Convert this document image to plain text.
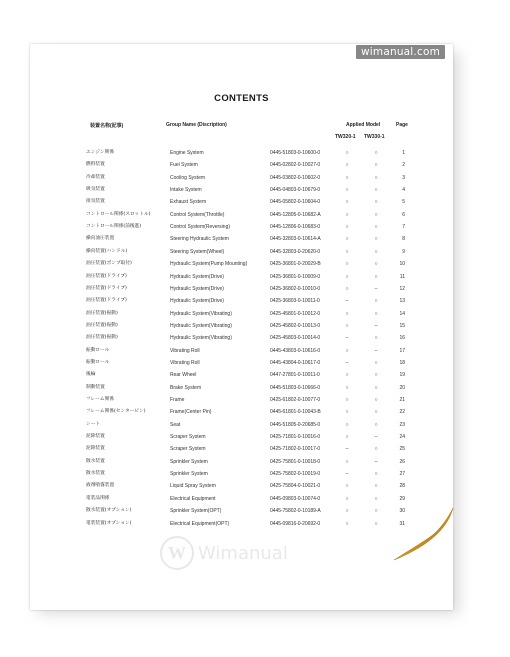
wimanual.com
CONTENTS
装置名称(記事)	Group Name (Discription)	Applied Model	Page
TW320-1 TW330-1
エンジン関係	Engine System	0445-51803-0-10600-0	○	○	1
燃料装置	Fuel System	0445-02802-0-10027-0	○	○	2
冷却装置	Cooling System	0445-03802-0-10602-0	○	○	3
吸気装置	Intake System	0445-04803-0-10679-0	○	○	4
排気装置	Exhaust System	0445-05802-0-10604-0	○	○	5
コントロール関係(スロットル)	Control System(Throttle)	0445-12805-0-10682-A	○	○	6
コントロール関係(前後進)	Control System(Reversing)	0445-12806-0-10683-0	○	○	7
操向油圧装置	Steering Hydraulic System	0445-32803-0-10614-A	○	○	8
操向装置(ハンドル)	Steering System(Wheel)	0445-32803-0-20620-0	○	○	9
油圧装置(ポンプ取付)	Hydraulic System(Pump Mounting)	0425-36801-0-20029-B	○	○	10
油圧装置(ドライブ)	Hydraulic System(Drive)	0425-36801-0-10009-0	○	○	11
油圧装置(ドライブ)	Hydraulic System(Drive)	0425-36802-0-10010-0	○	–	12
油圧装置(ドライブ)	Hydraulic System(Drive)	0425-36803-0-10011-0	–	○	13
油圧装置(振動)	Hydraulic System(Vibrating)	0425-45801-0-10012-0	○	○	14
油圧装置(振動)	Hydraulic System(Vibrating)	0425-45802-0-10013-0	○	–	15
油圧装置(振動)	Hydraulic System(Vibrating)	0425-45803-0-10014-0	–	○	16
振動ロール	Vibrating Roll	0445-43803-0-10616-0	○	–	17
振動ロール	Vibrating Roll	0445-43804-0-10617-0	–	○	18
後輪	Rear Wheel	0447-27801-0-10011-0	○	○	19
制動装置	Brake System	0445-51803-0-10666-0	○	○	20
フレーム関係	Frame	0425-61802-0-10077-0	○	○	21
フレーム関係(センターピン)	Frame(Center Pin)	0445-61801-0-10043-B	○	○	22
シート	Seat	0445-51805-0-20685-0	○	○	23
泥除装置	Scraper System	0425-71801-0-10016-0	○	–	24
泥除装置	Scraper System	0425-71802-0-10017-0	–	○	25
散水装置	Sprinkler System	0425-75801-0-10018-0	○	–	26
散水装置	Sprinkler System	0425-75802-0-10019-0	–	○	27
液剤噴霧装置	Liquid Spray System	0425-75804-0-10021-0	○	○	28
電装品関係	Electrical Equipment	0445-09803-0-10074-0	○	○	29
散水装置(オプション)	Sprinkler System(OPT)	0445-75802-0-10189-A	○	○	30
電装装置(オプション)	Electrical Equipment(OPT)	0445-09816-0-20692-0	○	○	31
W Wimanual
